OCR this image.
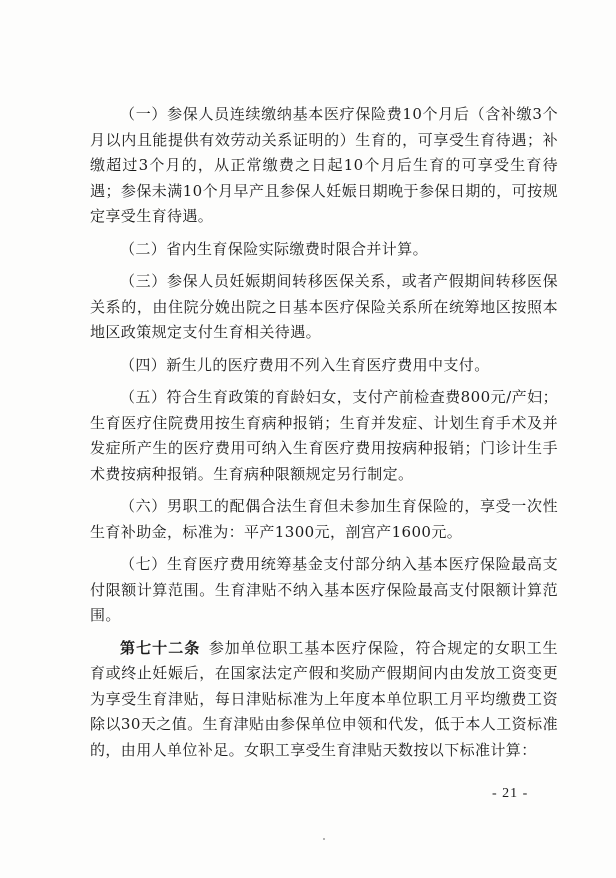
（一）参保人员连续缴纳基本医疗保险费10个月后（含补缴3个月以内且能提供有效劳动关系证明的）生育的，可享受生育待遇；补缴超过3个月的，从正常缴费之日起10个月后生育的可享受生育待遇；参保未满10个月早产且参保人妊娠日期晚于参保日期的，可按规定享受生育待遇。

（二）省内生育保险实际缴费时限合并计算。

（三）参保人员妊娠期间转移医保关系，或者产假期间转移医保关系的，由住院分娩出院之日基本医疗保险关系所在统筹地区按照本地区政策规定支付生育相关待遇。

（四）新生儿的医疗费用不列入生育医疗费用中支付。

（五）符合生育政策的育龄妇女，支付产前检查费800元/产妇；生育医疗住院费用按生育病种报销；生育并发症、计划生育手术及并发症所产生的医疗费用可纳入生育医疗费用按病种报销；门诊计生手术费按病种报销。生育病种限额规定另行制定。

（六）男职工的配偶合法生育但未参加生育保险的，享受一次性生育补助金，标准为：平产1300元，剖宫产1600元。

（七）生育医疗费用统筹基金支付部分纳入基本医疗保险最高支付限额计算范围。生育津贴不纳入基本医疗保险最高支付限额计算范围。

第七十二条  参加单位职工基本医疗保险，符合规定的女职工生育或终止妊娠后，在国家法定产假和奖励产假期间内由发放工资变更为享受生育津贴，每日津贴标准为上年度本单位职工月平均缴费工资除以30天之值。生育津贴由参保单位申领和代发，低于本人工资标准的，由用人单位补足。女职工享受生育津贴天数按以下标准计算：

- 21 -
